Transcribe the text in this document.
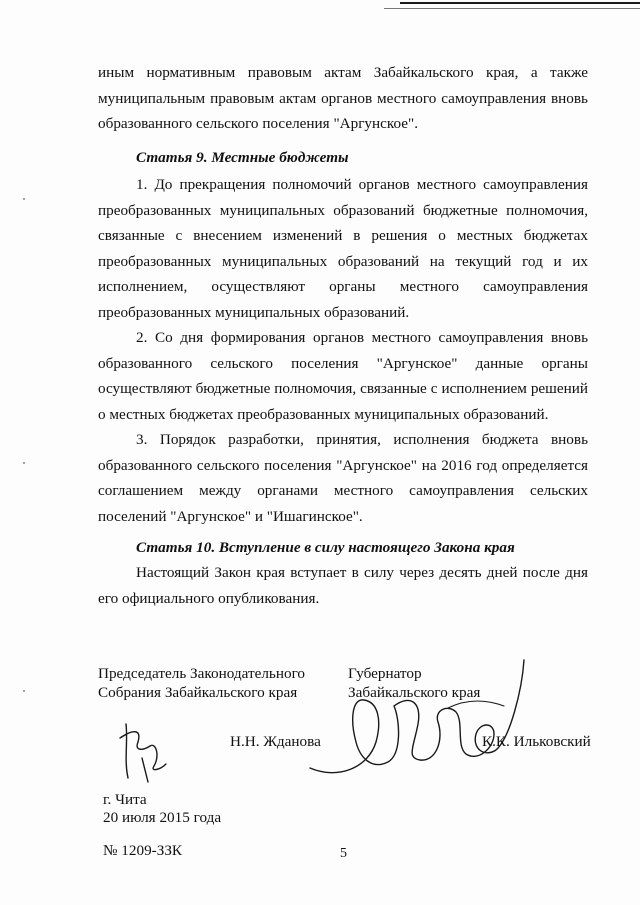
иным нормативным правовым актам Забайкальского края, а также муниципальным правовым актам органов местного самоуправления вновь образованного сельского поселения "Аргунское".

Статья 9. Местные бюджеты

1. До прекращения полномочий органов местного самоуправления преобразованных муниципальных образований бюджетные полномочия, связанные с внесением изменений в решения о местных бюджетах преобразованных муниципальных образований на текущий год и их исполнением, осуществляют органы местного самоуправления преобразованных муниципальных образований.

2. Со дня формирования органов местного самоуправления вновь образованного сельского поселения "Аргунское" данные органы осуществляют бюджетные полномочия, связанные с исполнением решений о местных бюджетах преобразованных муниципальных образований.

3. Порядок разработки, принятия, исполнения бюджета вновь образованного сельского поселения "Аргунское" на 2016 год определяется соглашением между органами местного самоуправления сельских поселений "Аргунское" и "Ишагинское".

Статья 10. Вступление в силу настоящего Закона края

Настоящий Закон края вступает в силу через десять дней после дня его официального опубликования.

Председатель Законодательного
Собрания Забайкальского края
Губернатор
Забайкальского края
Н.Н. Жданова	К.К. Ильковский
г. Чита
20 июля 2015 года
№ 1209-ЗЗК	5
